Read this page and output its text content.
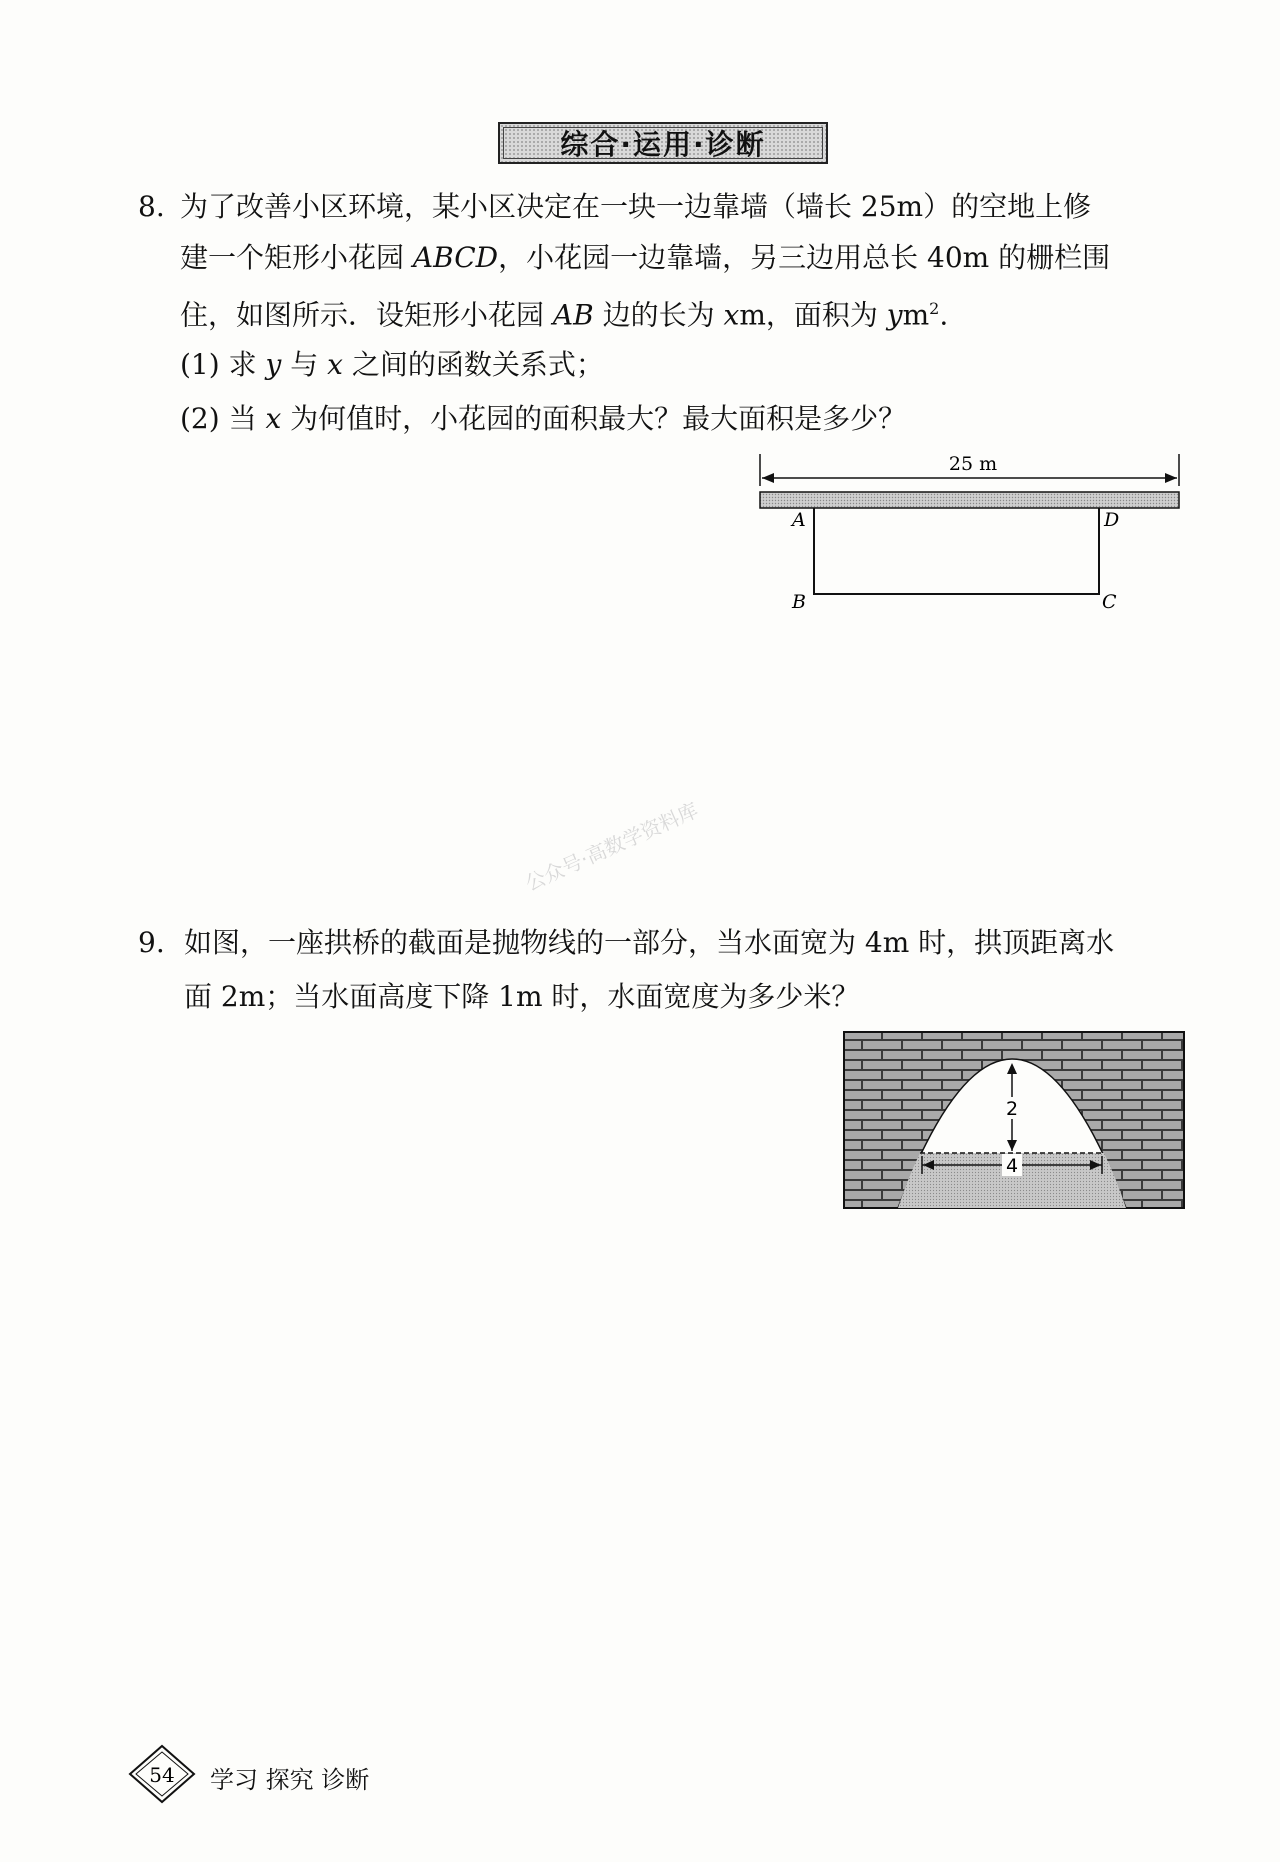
综合·运用·诊断
8. 为了改善小区环境，某小区决定在一块一边靠墙（墙长 25m）的空地上修
建一个矩形小花园 ABCD，小花园一边靠墙，另三边用总长 40m 的栅栏围
住，如图所示．设矩形小花园 AB 边的长为 xm，面积为 $ym^2$.
(1) 求 y 与 x 之间的函数关系式；
(2) 当 x 为何值时，小花园的面积最大？最大面积是多少？
25 m
A	D
B	C
公众号·高数学资料库
9. 如图，一座拱桥的截面是抛物线的一部分，当水面宽为 4m 时，拱顶距离水
面 2m；当水面高度下降 1m 时，水面宽度为多少米？
2
4
54 学习 探究 诊断
